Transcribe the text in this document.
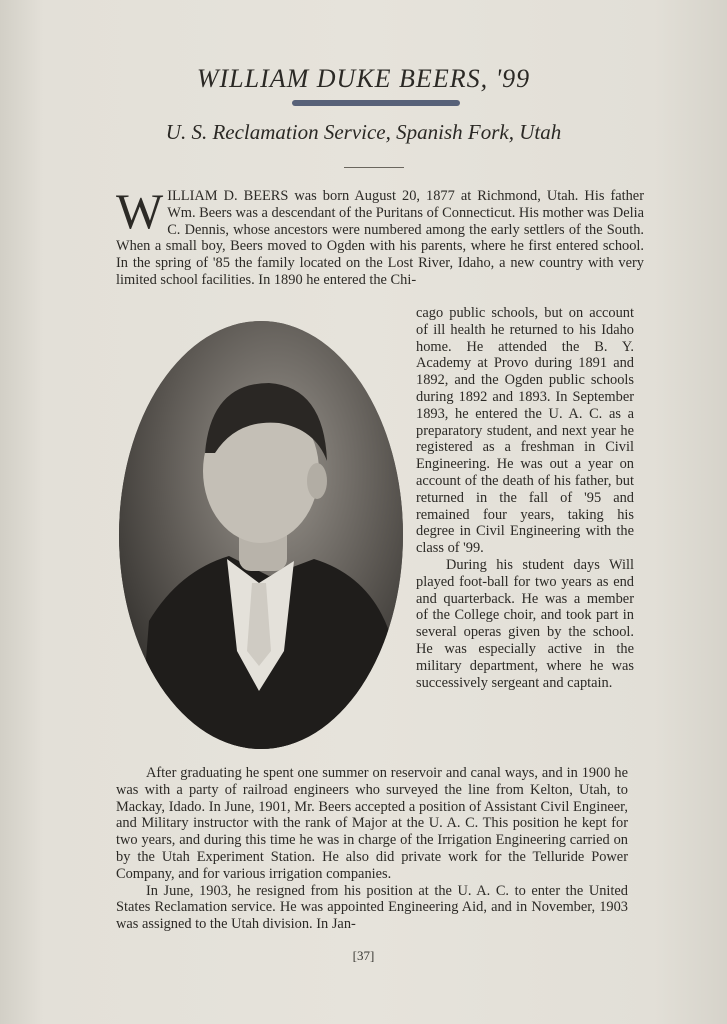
WILLIAM DUKE BEERS, '99
U. S. Reclamation Service, Spanish Fork, Utah
WILLIAM D. BEERS was born August 20, 1877 at Richmond, Utah. His father Wm. Beers was a descendant of the Puritans of Connecticut. His mother was Delia C. Dennis, whose ancestors were numbered among the early settlers of the South. When a small boy, Beers moved to Ogden with his parents, where he first entered school. In the spring of '85 the family located on the Lost River, Idaho, a new country with very limited school facilities. In 1890 he entered the Chi-

cago public schools, but on account of ill health he returned to his Idaho home. He attended the B. Y. Academy at Provo during 1891 and 1892, and the Ogden public schools during 1892 and 1893. In September 1893, he entered the U. A. C. as a preparatory student, and next year he registered as a freshman in Civil Engineering. He was out a year on account of the death of his father, but returned in the fall of '95 and remained four years, taking his degree in Civil Engineering with the class of '99.

During his student days Will played foot-ball for two years as end and quarterback. He was a member of the College choir, and took part in several operas given by the school. He was especially active in the military department, where he was successively sergeant and captain.

After graduating he spent one summer on reservoir and canal ways, and in 1900 he was with a party of railroad engineers who surveyed the line from Kelton, Utah, to Mackay, Idado. In June, 1901, Mr. Beers accepted a position of Assistant Civil Engineer, and Military instructor with the rank of Major at the U. A. C. This position he kept for two years, and during this time he was in charge of the Irrigation Engineering carried on by the Utah Experiment Station. He also did private work for the Telluride Power Company, and for various irrigation companies.

In June, 1903, he resigned from his position at the U. A. C. to enter the United States Reclamation service. He was appointed Engineering Aid, and in November, 1903 was assigned to the Utah division. In Jan-

[37]
